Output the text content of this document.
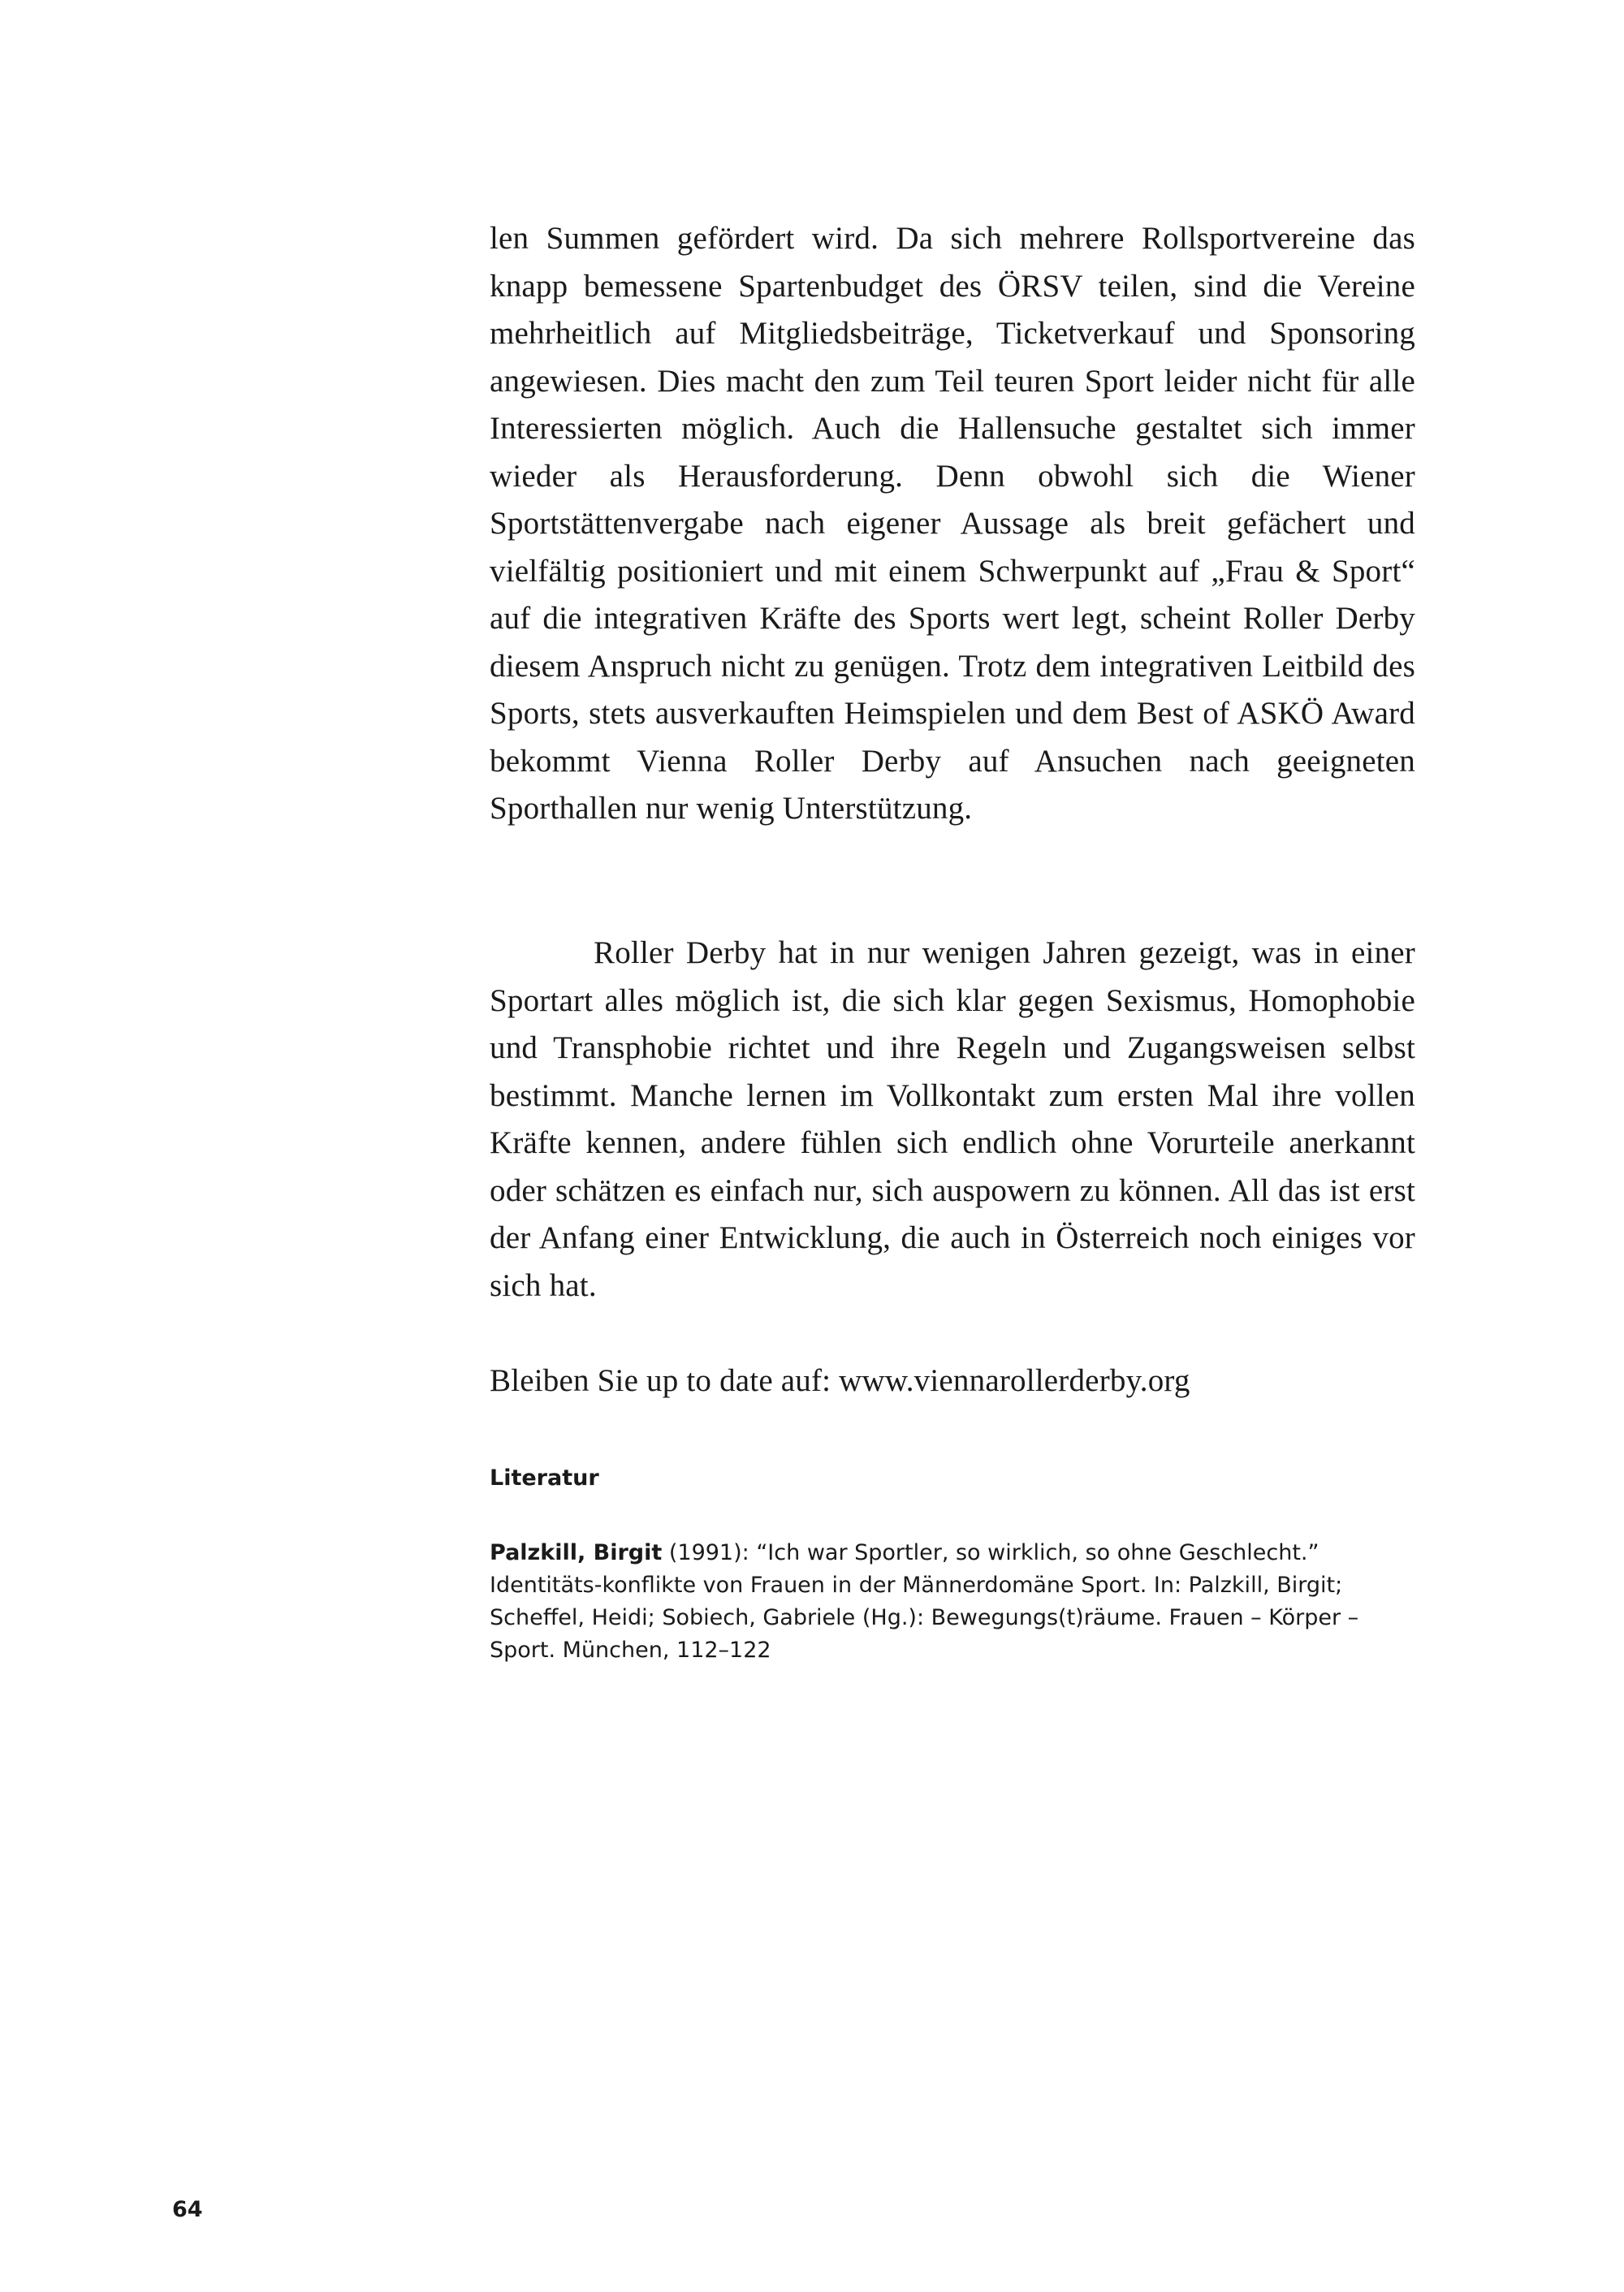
len Summen gefördert wird. Da sich mehrere Rollsportvereine das knapp bemessene Spartenbudget des ÖRSV teilen, sind die Vereine mehrheitlich auf Mitgliedsbeiträge, Ticketverkauf und Sponsoring angewiesen. Dies macht den zum Teil teuren Sport leider nicht für alle Interessierten möglich. Auch die Hallensuche gestaltet sich immer wieder als Herausforderung. Denn obwohl sich die Wiener Sportstättenvergabe nach eigener Aussage als breit gefächert und vielfältig positioniert und mit einem Schwerpunkt auf „Frau & Sport“ auf die integrativen Kräfte des Sports wert legt, scheint Roller Derby diesem Anspruch nicht zu genügen. Trotz dem integrativen Leitbild des Sports, stets ausverkauften Heimspielen und dem Best of ASKÖ Award bekommt Vienna Roller Derby auf Ansuchen nach geeigneten Sporthallen nur wenig Unterstützung.

Roller Derby hat in nur wenigen Jahren gezeigt, was in einer Sportart alles möglich ist, die sich klar gegen Sexismus, Homophobie und Transphobie richtet und ihre Regeln und Zugangsweisen selbst bestimmt. Manche lernen im Vollkontakt zum ersten Mal ihre vollen Kräfte kennen, andere fühlen sich endlich ohne Vorurteile anerkannt oder schätzen es einfach nur, sich auspowern zu können. All das ist erst der Anfang einer Entwicklung, die auch in Österreich noch einiges vor sich hat.

Bleiben Sie up to date auf: www.viennarollerderby.org

Literatur

Palzkill, Birgit (1991): “Ich war Sportler, so wirklich, so ohne Geschlecht.” Identitäts-konflikte von Frauen in der Männerdomäne Sport. In: Palzkill, Birgit; Scheffel, Heidi; Sobiech, Gabriele (Hg.): Bewegungs(t)räume. Frauen – Körper – Sport. München, 112–122

64
